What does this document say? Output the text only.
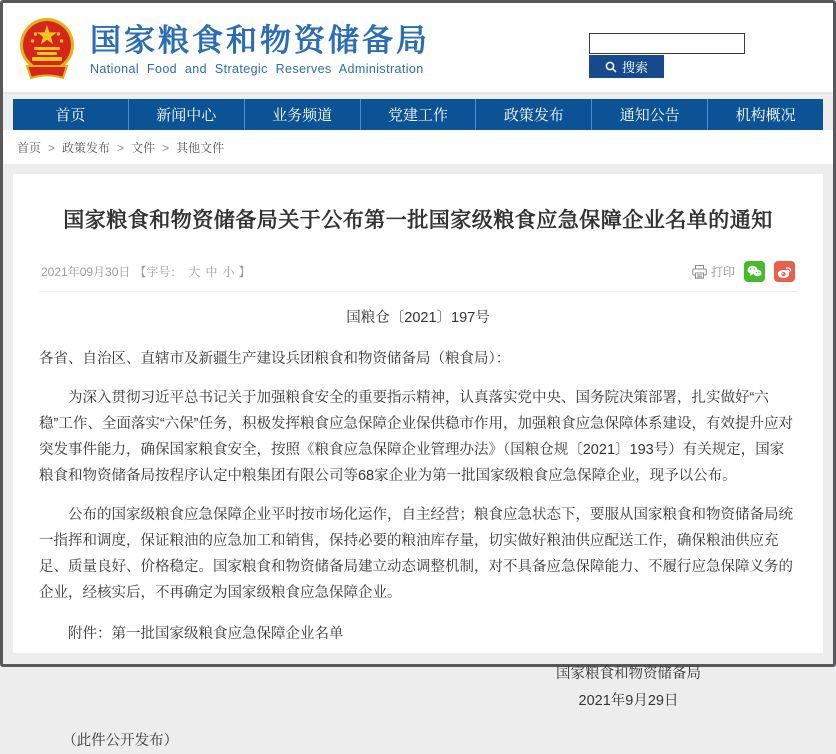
国家粮食和物资储备局
National Food and Strategic Reserves Administration	搜索
首页	新闻中心	业务频道	党建工作	政策发布	通知公告	机构概况
首页 > 政策发布 > 文件 > 其他文件
国家粮食和物资储备局关于公布第一批国家级粮食应急保障企业名单的通知
2021年09月30日 【字号： 大 中 小 】	打印
国粮仓〔2021〕197号
各省、自治区、直辖市及新疆生产建设兵团粮食和物资储备局（粮食局）：
为深入贯彻习近平总书记关于加强粮食安全的重要指示精神，认真落实党中央、国务院决策部署，扎实做好“六稳”工作、全面落实“六保”任务，积极发挥粮食应急保障企业保供稳市作用，加强粮食应急保障体系建设，有效提升应对突发事件能力，确保国家粮食安全，按照《粮食应急保障企业管理办法》（国粮仓规〔2021〕193号）有关规定，国家粮食和物资储备局按程序认定中粮集团有限公司等68家企业为第一批国家级粮食应急保障企业，现予以公布。
公布的国家级粮食应急保障企业平时按市场化运作，自主经营；粮食应急状态下，要服从国家粮食和物资储备局统一指挥和调度，保证粮油的应急加工和销售，保持必要的粮油库存量，切实做好粮油供应配送工作，确保粮油供应充足、质量良好、价格稳定。国家粮食和物资储备局建立动态调整机制，对不具备应急保障能力、不履行应急保障义务的企业，经核实后，不再确定为国家级粮食应急保障企业。
附件：第一批国家级粮食应急保障企业名单
国家粮食和物资储备局
2021年9月29日
（此件公开发布）
